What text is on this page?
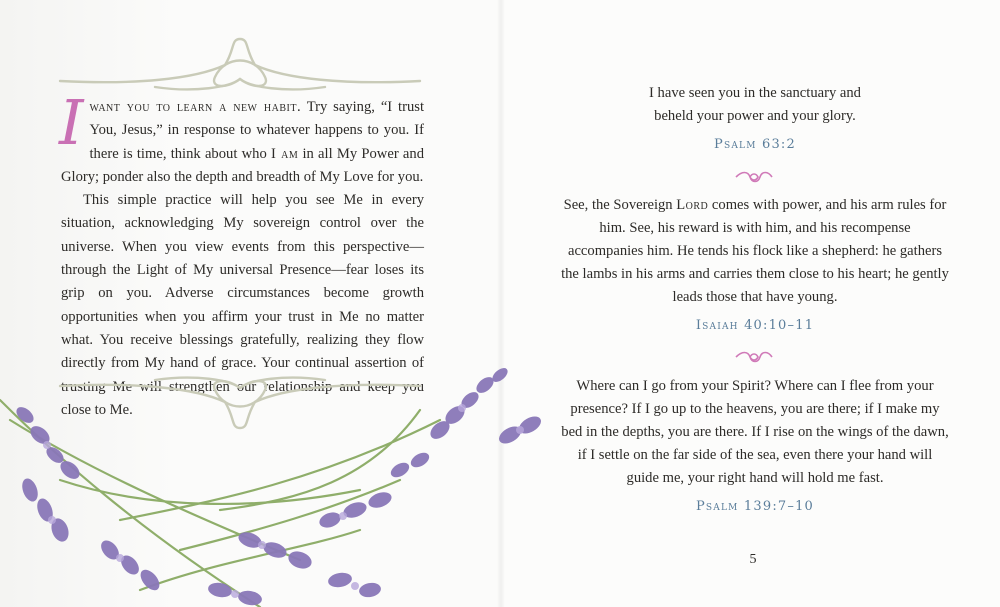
Iwant you to learn a new habit. Try saying, “I trust You, Jesus,” in response to whatever happens to you. If there is time, think about who I am in all My Power and Glory; ponder also the depth and breadth of My Love for you.

This simple practice will help you see Me in every situation, acknowledging My sovereign control over the universe. When you view events from this perspective—through the Light of My universal Presence—fear loses its grip on you. Adverse circumstances become growth opportunities when you affirm your trust in Me no matter what. You receive blessings gratefully, realizing they flow directly from My hand of grace. Your continual assertion of trusting Me will strengthen our relationship and keep you close to Me.

I have seen you in the sanctuary and

beheld your power and your glory.

Psalm 63:2

See, the Sovereign Lord comes with power, and his arm rules for him. See, his reward is with him, and his recompense accompanies him. He tends his flock like a shepherd: he gathers the lambs in his arms and carries them close to his heart; he gently leads those that have young.

Isaiah 40:10–11

Where can I go from your Spirit? Where can I flee from your presence? If I go up to the heavens, you are there; if I make my bed in the depths, you are there. If I rise on the wings of the dawn, if I settle on the far side of the sea, even there your hand will guide me, your right hand will hold me fast.

Psalm 139:7–10
5
